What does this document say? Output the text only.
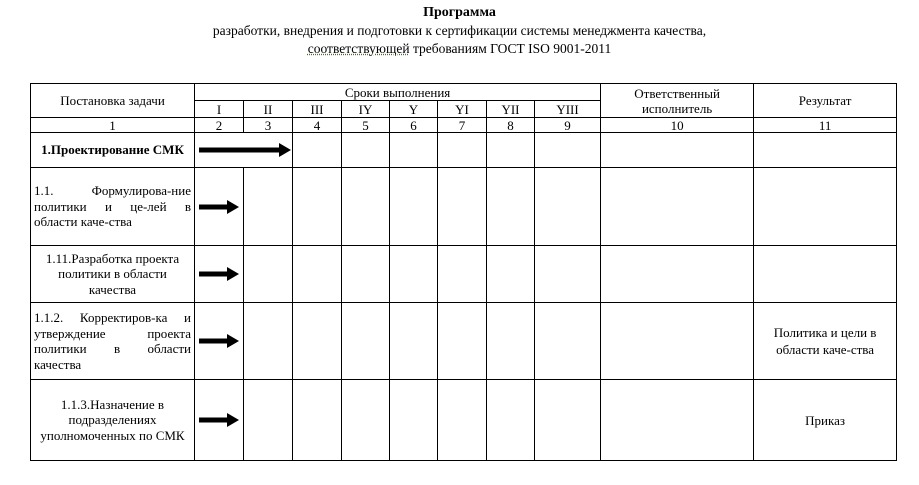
Программа
разработки, внедрения и подготовки к сертификации системы менеджмента качества,
соответствующей требованиям ГОСТ ISO 9001-2011
Постановка задачи	Сроки выполнения								Ответственный исполнитель	Результат
	I	II	III	IY	Y	YI	YII	YIII		
1	2	3	4	5	6	7	8	9	10	11
1.Проектирование СМК	

1.1. Формулирова-ние политики и це-лей в области каче-ства	

1.11.Разработка проекта политики в области качества	

1.1.2. Корректиров-ка и утверждение проекта политики в области качества										Политика и цели в области каче-ства
1.1.3.Назначение в подразделениях уполномоченных по СМК										Приказ
